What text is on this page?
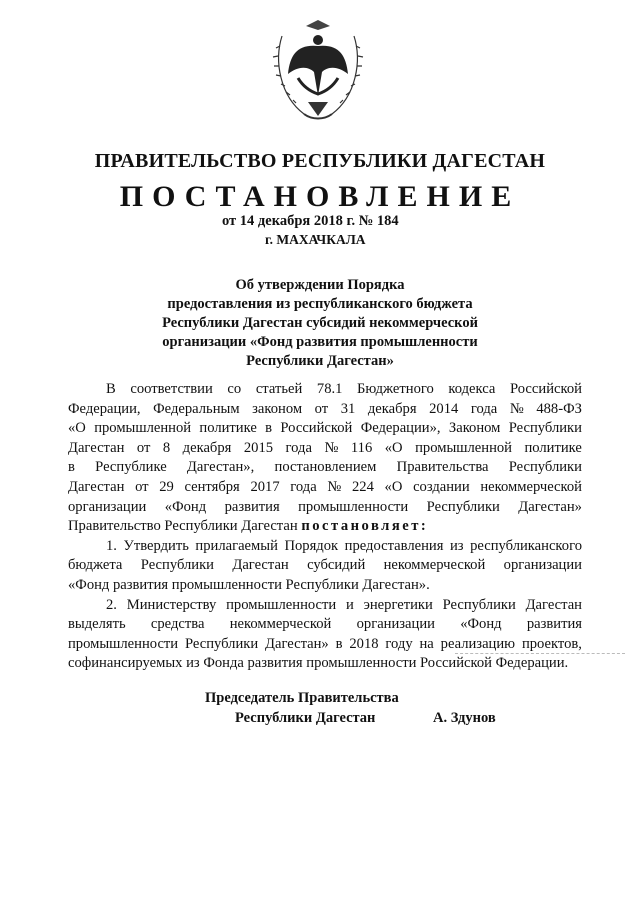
ПРАВИТЕЛЬСТВО РЕСПУБЛИКИ ДАГЕСТАН
ПОСТАНОВЛЕНИЕ
от 14 декабря 2018 г. № 184
г. МАХАЧКАЛА
Об утверждении Порядка
предоставления из республиканского бюджета
Республики Дагестан субсидий некоммерческой
организации «Фонд развития промышленности
Республики Дагестан»
В соответствии со статьей 78.1 Бюджетного кодекса Российской
Федерации, Федеральным законом от 31 декабря 2014 года № 488-ФЗ
«О промышленной политике в Российской Федерации», Законом Республики
Дагестан от 8 декабря 2015 года № 116 «О промышленной политике
в Республике Дагестан», постановлением Правительства Республики
Дагестан от 29 сентября 2017 года № 224 «О создании некоммерческой
организации «Фонд развития промышленности Республики Дагестан»
Правительство Республики Дагестан
постановляет:
1. Утвердить прилагаемый Порядок предоставления из республиканского
бюджета Республики Дагестан субсидий некоммерческой организации
«Фонд развития промышленности Республики Дагестан».
2. Министерству промышленности и энергетики Республики Дагестан
выделять средства некоммерческой организации «Фонд развития
промышленности Республики Дагестан» в 2018 году на реализацию проектов,
софинансируемых из Фонда развития промышленности Российской Федерации.
Председатель Правительства
Республики Дагестан	А. Здунов
